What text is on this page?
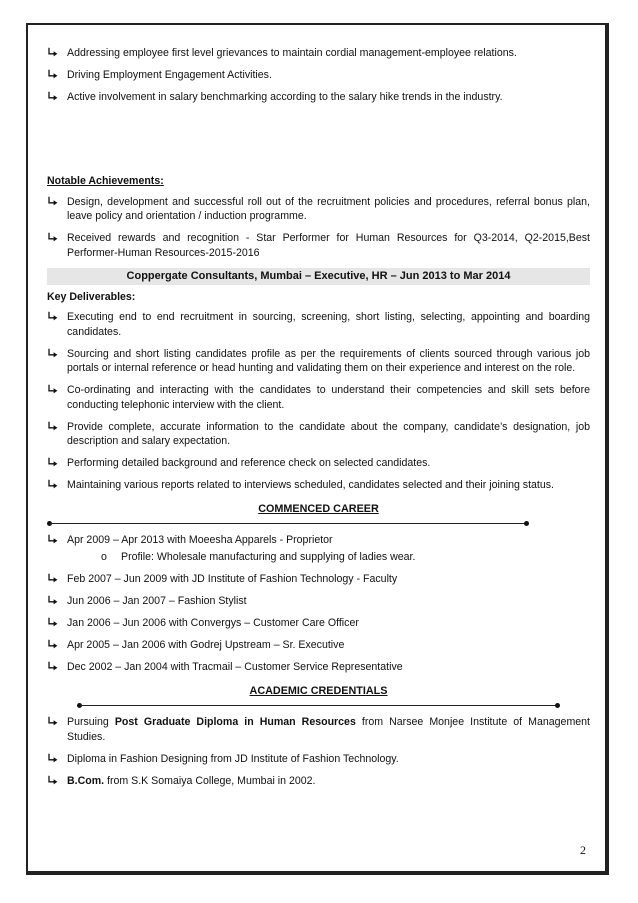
Addressing employee first level grievances to maintain cordial management-employee relations.
Driving Employment Engagement Activities.
Active involvement in salary benchmarking according to the salary hike trends in the industry.
Notable Achievements:
Design, development and successful roll out of the recruitment policies and procedures, referral bonus plan, leave policy and orientation / induction programme.
Received rewards and recognition - Star Performer for Human Resources for Q3-2014, Q2-2015,Best Performer-Human Resources-2015-2016
Coppergate Consultants, Mumbai – Executive, HR – Jun 2013 to Mar 2014
Key Deliverables:
Executing end to end recruitment in sourcing, screening, short listing, selecting, appointing and boarding candidates.
Sourcing and short listing candidates profile as per the requirements of clients sourced through various job portals or internal reference or head hunting and validating them on their experience and interest on the role.
Co-ordinating and interacting with the candidates to understand their competencies and skill sets before conducting telephonic interview with the client.
Provide complete, accurate information to the candidate about the company, candidate’s designation, job description and salary expectation.
Performing detailed background and reference check on selected candidates.
Maintaining various reports related to interviews scheduled, candidates selected and their joining status.
COMMENCED CAREER
Apr 2009 – Apr 2013 with Moeesha Apparels - Proprietor
o Profile: Wholesale manufacturing and supplying of ladies wear.
Feb 2007 – Jun 2009 with JD Institute of Fashion Technology - Faculty
Jun 2006 – Jan 2007 – Fashion Stylist
Jan 2006 – Jun 2006 with Convergys – Customer Care Officer
Apr 2005 – Jan 2006 with Godrej Upstream – Sr. Executive
Dec 2002 – Jan 2004 with Tracmail – Customer Service Representative
ACADEMIC CREDENTIALS
Pursuing Post Graduate Diploma in Human Resources from Narsee Monjee Institute of Management Studies.
Diploma in Fashion Designing from JD Institute of Fashion Technology.
B.Com. from S.K Somaiya College, Mumbai in 2002.
2
